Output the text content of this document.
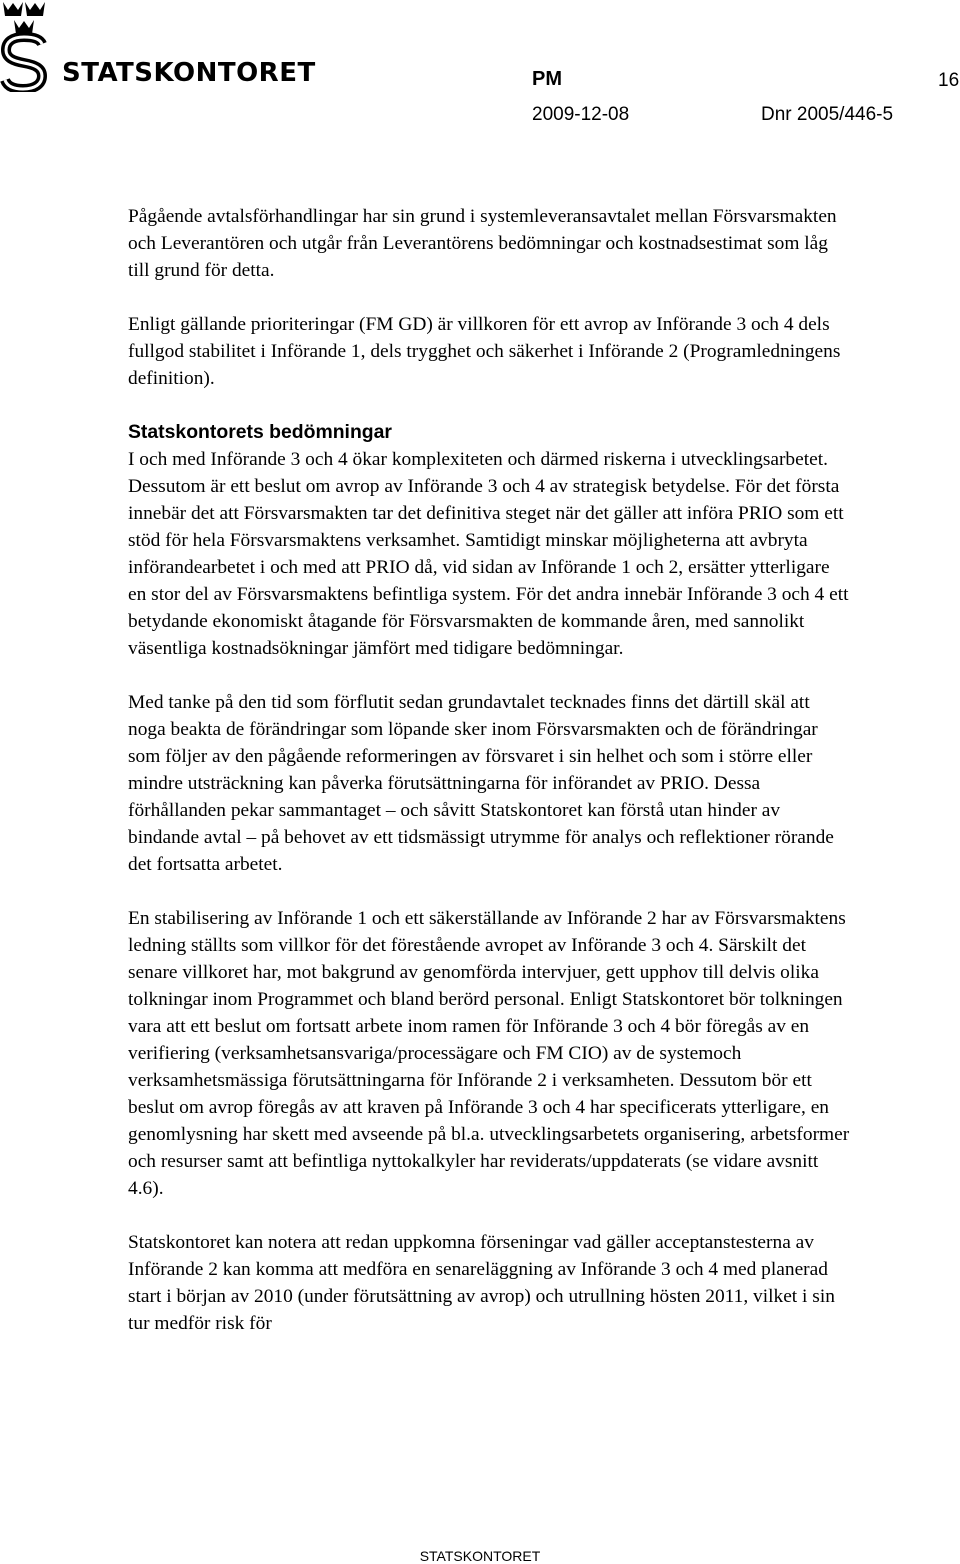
STATSKONTORET	PM	16
2009-12-08	Dnr 2005/446-5

Pågående avtalsförhandlingar har sin grund i systemleveransavtalet mellan Försvarsmakten och Leverantören och utgår från Leverantörens bedömningar och kostnadsestimat som låg till grund för detta.

Enligt gällande prioriteringar (FM GD) är villkoren för ett avrop av Införande 3 och 4 dels fullgod stabilitet i Införande 1, dels trygghet och säkerhet i Införande 2 (Programledningens definition).

Statskontorets bedömningar

I och med Införande 3 och 4 ökar komplexiteten och därmed riskerna i utvecklingsarbetet. Dessutom är ett beslut om avrop av Införande 3 och 4 av strategisk betydelse. För det första innebär det att Försvarsmakten tar det definitiva steget när det gäller att införa PRIO som ett stöd för hela Försvarsmaktens verksamhet. Samtidigt minskar möjligheterna att avbryta införandearbetet i och med att PRIO då, vid sidan av Införande 1 och 2, ersätter ytterligare en stor del av Försvarsmaktens befintliga system. För det andra innebär Införande 3 och 4 ett betydande ekonomiskt åtagande för Försvarsmakten de kommande åren, med sannolikt väsentliga kostnadsökningar jämfört med tidigare bedömningar.

Med tanke på den tid som förflutit sedan grundavtalet tecknades finns det därtill skäl att noga beakta de förändringar som löpande sker inom Försvarsmakten och de förändringar som följer av den pågående reformeringen av försvaret i sin helhet och som i större eller mindre utsträckning kan påverka förutsättningarna för införandet av PRIO. Dessa förhållanden pekar sammantaget – och såvitt Statskontoret kan förstå utan hinder av bindande avtal – på behovet av ett tidsmässigt utrymme för analys och reflektioner rörande det fortsatta arbetet.

En stabilisering av Införande 1 och ett säkerställande av Införande 2 har av Försvarsmaktens ledning ställts som villkor för det förestående avropet av Införande 3 och 4. Särskilt det senare villkoret har, mot bakgrund av genomförda intervjuer, gett upphov till delvis olika tolkningar inom Programmet och bland berörd personal. Enligt Statskontoret bör tolkningen vara att ett beslut om fortsatt arbete inom ramen för Införande 3 och 4 bör föregås av en verifiering (verksamhetsansvariga/processägare och FM CIO) av de systemoch verksamhetsmässiga förutsättningarna för Införande 2 i verksamheten. Dessutom bör ett beslut om avrop föregås av att kraven på Införande 3 och 4 har specificerats ytterligare, en genomlysning har skett med avseende på bl.a. utvecklingsarbetets organisering, arbetsformer och resurser samt att befintliga nyttokalkyler har reviderats/uppdaterats (se vidare avsnitt 4.6).

Statskontoret kan notera att redan uppkomna förseningar vad gäller acceptanstesterna av Införande 2 kan komma att medföra en senareläggning av Införande 3 och 4 med planerad start i början av 2010 (under förutsättning av avrop) och utrullning hösten 2011, vilket i sin tur medför risk för

STATSKONTORET
